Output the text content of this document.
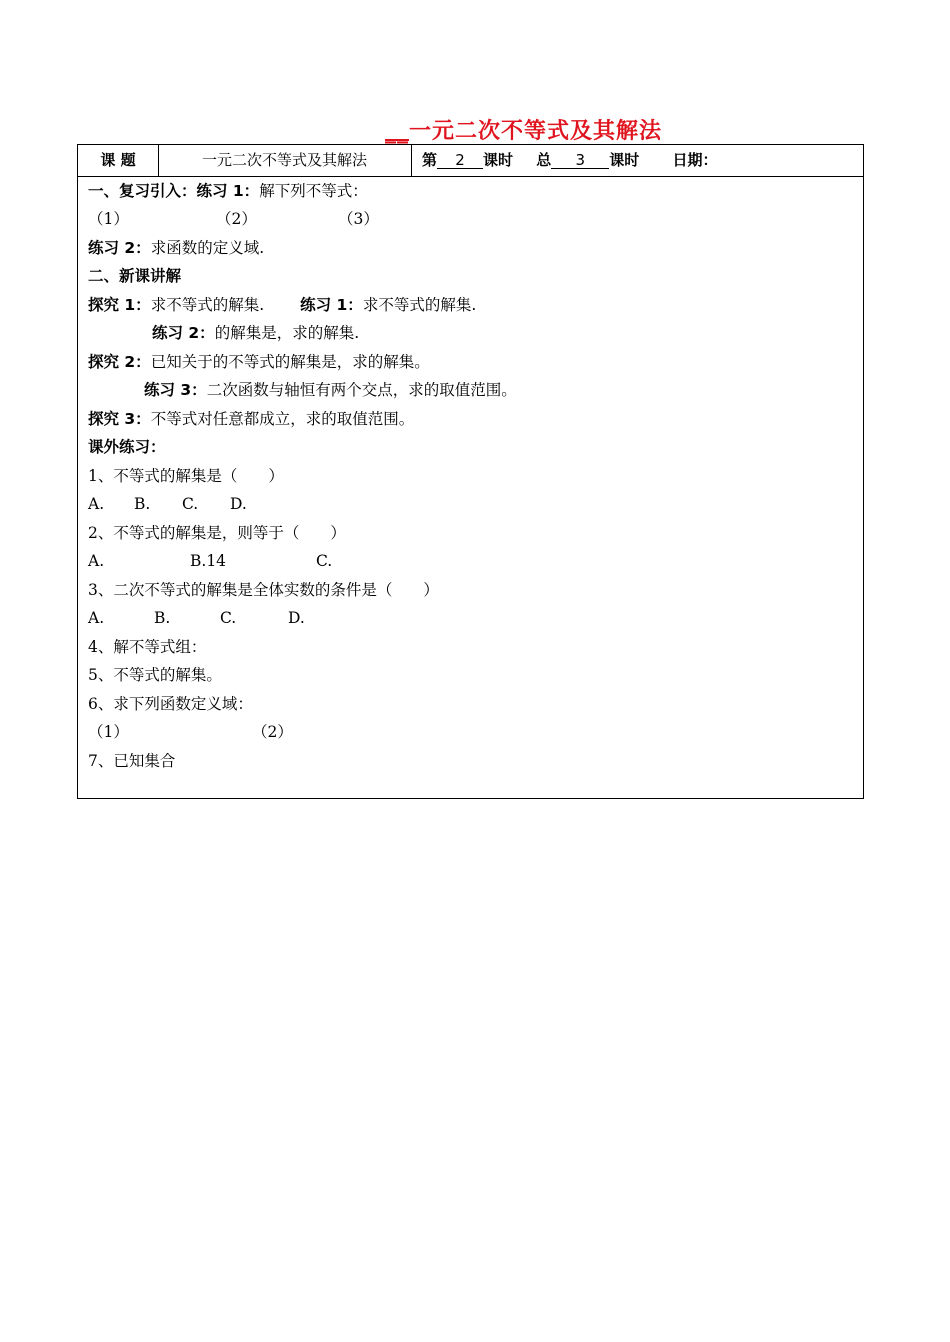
__一元二次不等式及其解法
课 题	一元二次不等式及其解法	第 2 课时 总 3 课时 日期：
一、复习引入：练习 1：解下列不等式：
（1）	（2）	（3）
练习 2：求函数的定义域.
二、新课讲解
探究 1：求不等式的解集. 练习 1：求不等式的解集.
练习 2：的解集是，求的解集.
探究 2：已知关于的不等式的解集是，求的解集。
练习 3：二次函数与轴恒有两个交点，求的取值范围。
探究 3：不等式对任意都成立，求的取值范围。
课外练习：
1、不等式的解集是（　　）
A. B. C. D.
2、不等式的解集是，则等于（　　）
A.	B.14	C.
3、二次不等式的解集是全体实数的条件是（　　）
A.	B.	C.	D.
4、解不等式组：
5、不等式的解集。
6、求下列函数定义域：
（1）	（2）
7、已知集合
